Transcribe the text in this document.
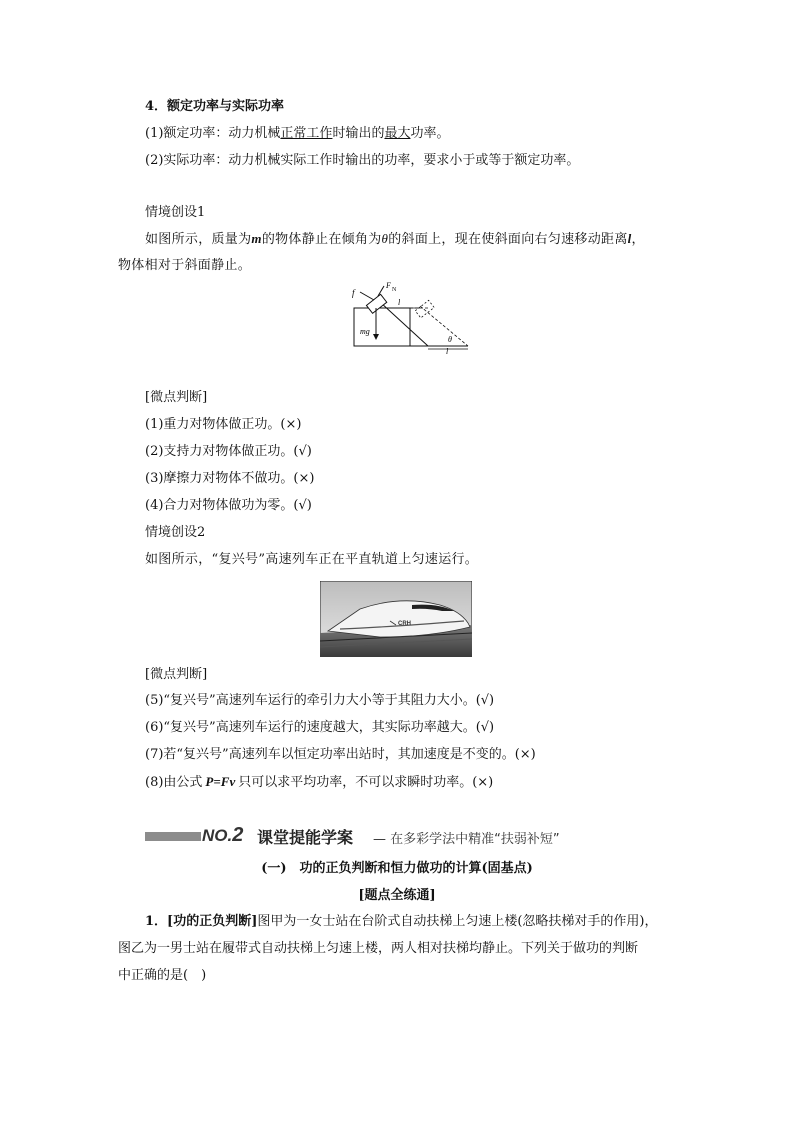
4．额定功率与实际功率
(1)额定功率：动力机械正常工作时输出的最大功率。
(2)实际功率：动力机械实际工作时输出的功率，要求小于或等于额定功率。
情境创设1
如图所示，质量为m的物体静止在倾角为θ的斜面上，现在使斜面向右匀速移动距离l，
物体相对于斜面静止。
f
F N
mg
l
l
θ
[微点判断]
(1)重力对物体做正功。(×)
(2)支持力对物体做正功。(√)
(3)摩擦力对物体不做功。(×)
(4)合力对物体做功为零。(√)
情境创设2
如图所示，“复兴号”高速列车正在平直轨道上匀速运行。
CRH
[微点判断]
(5)“复兴号”高速列车运行的牵引力大小等于其阻力大小。(√)
(6)“复兴号”高速列车运行的速度越大，其实际功率越大。(√)
(7)若“复兴号”高速列车以恒定功率出站时，其加速度是不变的。(×)
(8)由公式 P=Fv 只可以求平均功率，不可以求瞬时功率。(×)
NO.2 课堂提能学案 — 在多彩学法中精准“扶弱补短”
(一)　功的正负判断和恒力做功的计算(固基点)
[题点全练通]
1．[功的正负判断]图甲为一女士站在台阶式自动扶梯上匀速上楼(忽略扶梯对手的作用)，
图乙为一男士站在履带式自动扶梯上匀速上楼，两人相对扶梯均静止。下列关于做功的判断
中正确的是(　)
